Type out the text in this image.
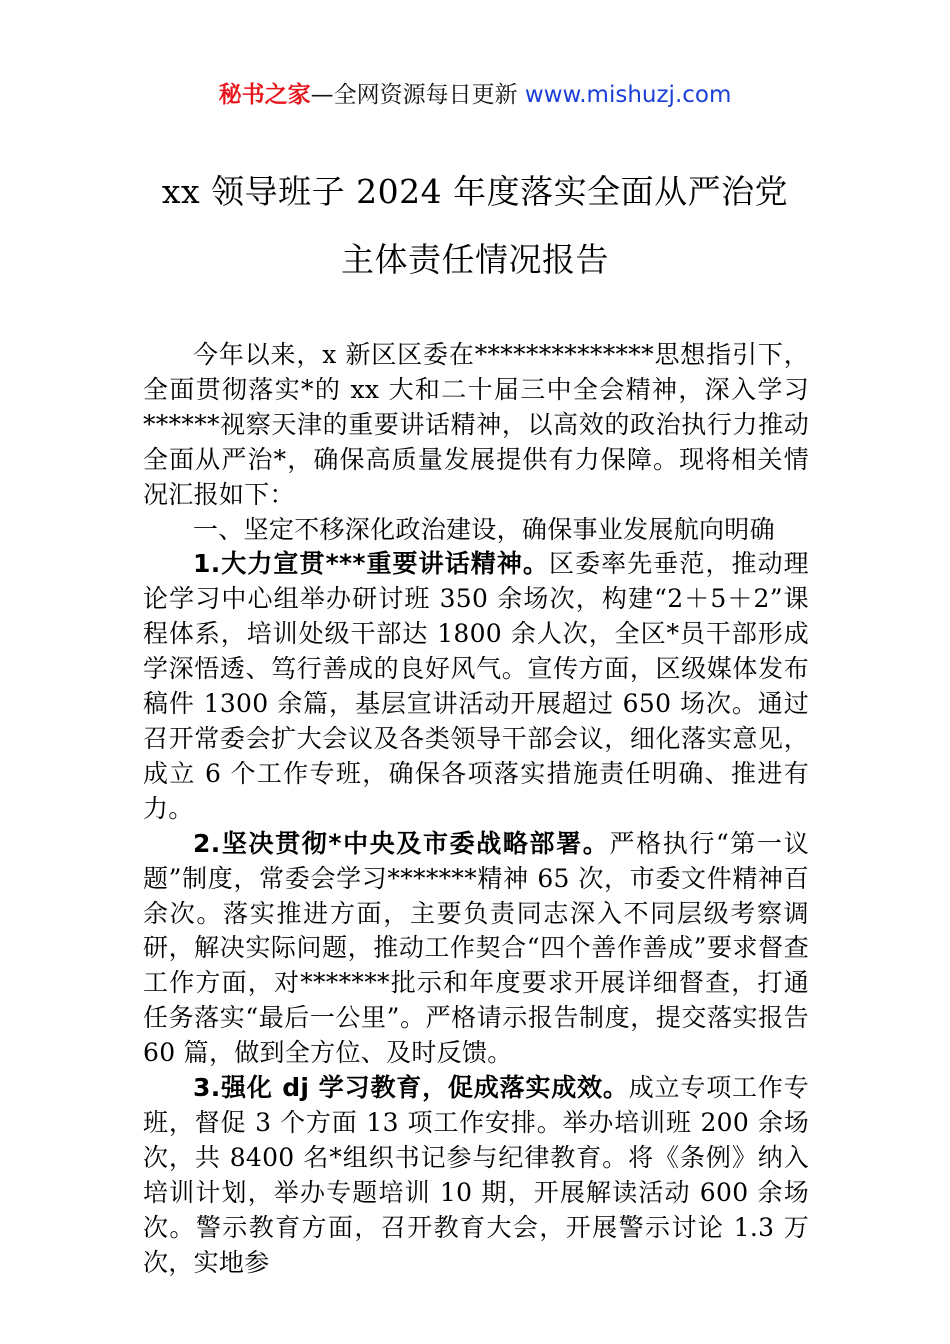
秘书之家—全网资源每日更新 www.mishuzj.com
xx 领导班子 2024 年度落实全面从严治党
主体责任情况报告

今年以来，x 新区区委在**************思想指引下，全面贯彻落实*的 xx 大和二十届三中全会精神，深入学习******视察天津的重要讲话精神，以高效的政治执行力推动全面从严治*，确保高质量发展提供有力保障。现将相关情况汇报如下：

一、坚定不移深化政治建设，确保事业发展航向明确

1.大力宣贯***重要讲话精神。区委率先垂范，推动理论学习中心组举办研讨班 350 余场次，构建“2＋5＋2”课程体系，培训处级干部达 1800 余人次，全区*员干部形成学深悟透、笃行善成的良好风气。宣传方面，区级媒体发布稿件 1300 余篇，基层宣讲活动开展超过 650 场次。通过召开常委会扩大会议及各类领导干部会议，细化落实意见，成立 6 个工作专班，确保各项落实措施责任明确、推进有力。

2.坚决贯彻*中央及市委战略部署。严格执行“第一议题”制度，常委会学习*******精神 65 次，市委文件精神百余次。落实推进方面，主要负责同志深入不同层级考察调研，解决实际问题，推动工作契合“四个善作善成”要求督查工作方面，对*******批示和年度要求开展详细督查，打通任务落实“最后一公里”。严格请示报告制度，提交落实报告 60 篇，做到全方位、及时反馈。

3.强化 dj 学习教育，促成落实成效。成立专项工作专班，督促 3 个方面 13 项工作安排。举办培训班 200 余场次，共 8400 名*组织书记参与纪律教育。将《条例》纳入培训计划，举办专题培训 10 期，开展解读活动 600 余场次。警示教育方面，召开教育大会，开展警示讨论 1.3 万次，实地参
